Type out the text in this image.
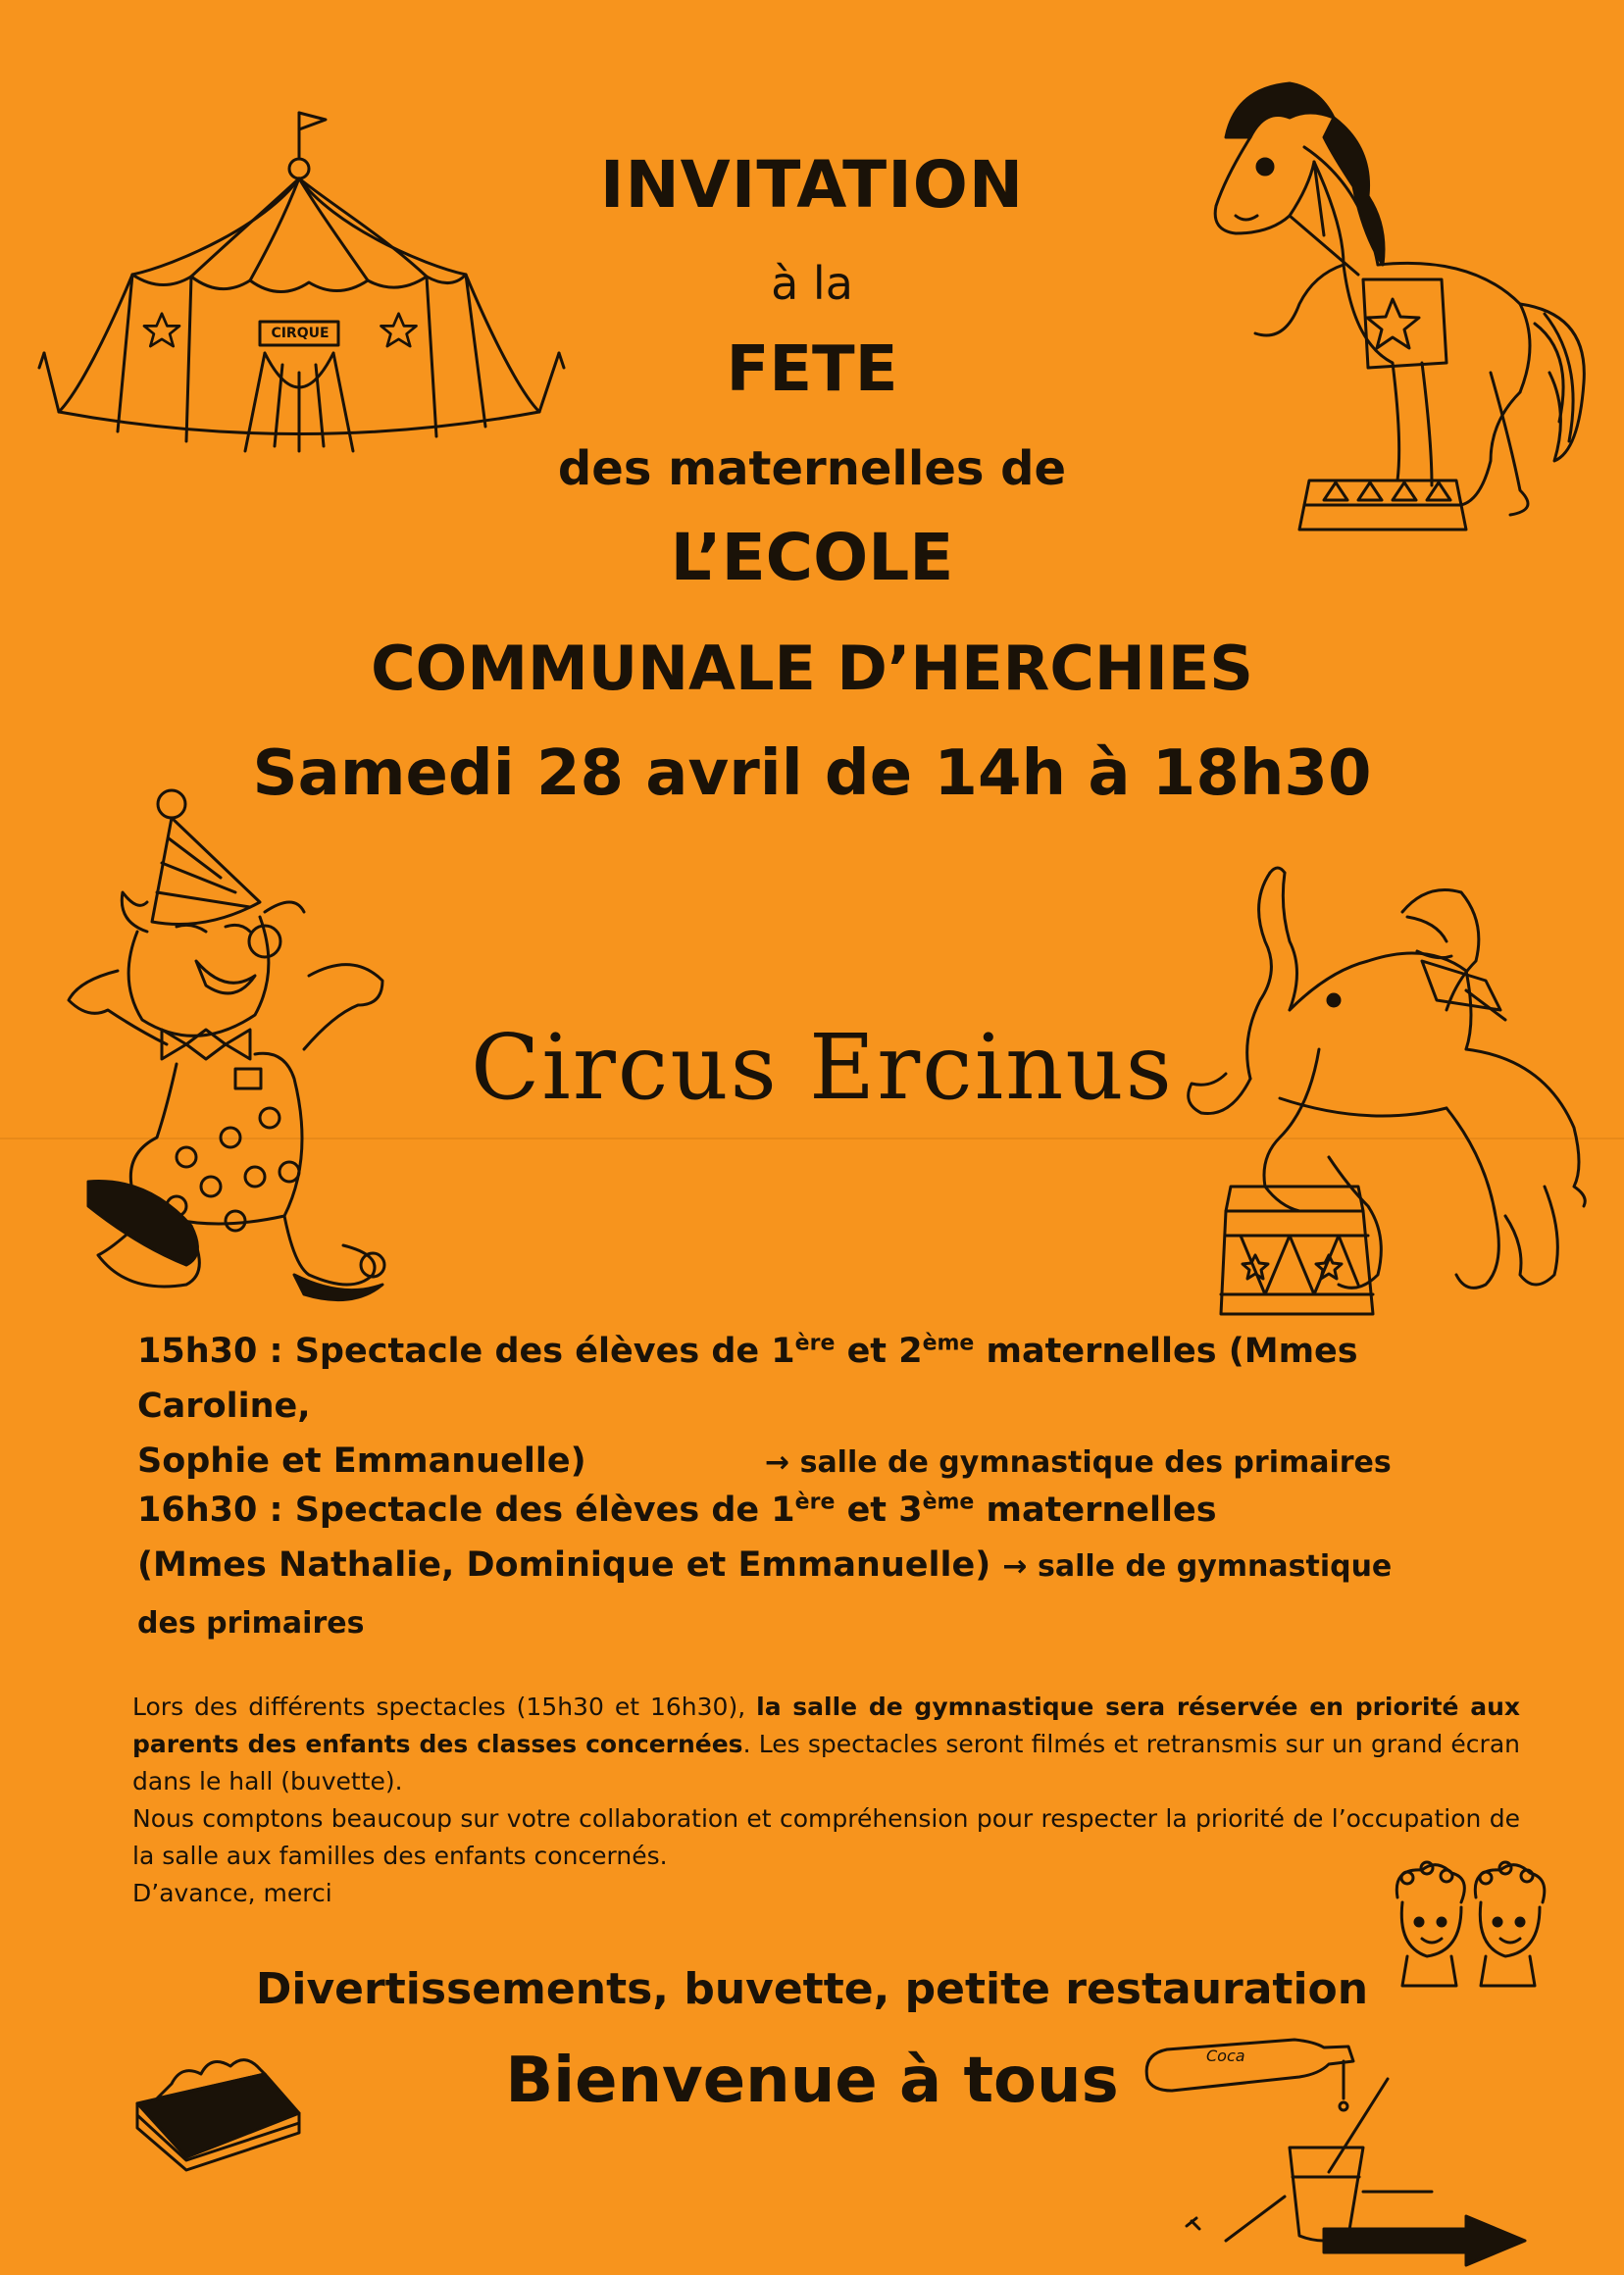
CIRQUE
INVITATION
à la
FETE
des maternelles de
L’ECOLE
COMMUNALE D’HERCHIES
Samedi 28 avril de 14h à 18h30
Circus Ercinus
15h30 : Spectacle des élèves de 1ère et 2ème maternelles (Mmes Caroline,
Sophie et Emmanuelle)	→ salle de gymnastique des primaires
16h30 : Spectacle des élèves de 1ère et 3ème maternelles
(Mmes Nathalie, Dominique et Emmanuelle) → salle de gymnastique des primaires
Lors des différents spectacles (15h30 et 16h30), la salle de gymnastique sera réservée en priorité aux parents des enfants des classes concernées. Les spectacles seront filmés et retransmis sur un grand écran dans le hall (buvette).
Nous comptons beaucoup sur votre collaboration et compréhension pour respecter la priorité de l’occupation de la salle aux familles des enfants concernés.
D’avance, merci
Divertissements, buvette, petite restauration
Bienvenue à tous	Coca
